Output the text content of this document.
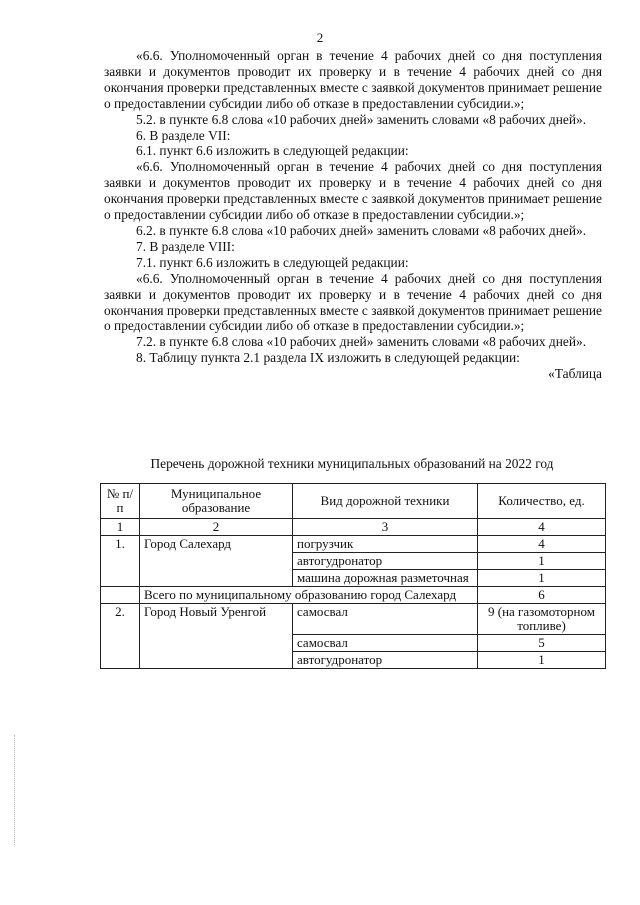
2

«6.6. Уполномоченный орган в течение 4 рабочих дней со дня поступления заявки и документов проводит их проверку и в течение 4 рабочих дней со дня окончания проверки представленных вместе с заявкой документов принимает решение о предоставлении субсидии либо об отказе в предоставлении субсидии.»;

5.2. в пункте 6.8 слова «10 рабочих дней» заменить словами «8 рабочих дней».

6. В разделе VII:

6.1. пункт 6.6 изложить в следующей редакции:

«6.6. Уполномоченный орган в течение 4 рабочих дней со дня поступления заявки и документов проводит их проверку и в течение 4 рабочих дней со дня окончания проверки представленных вместе с заявкой документов принимает решение о предоставлении субсидии либо об отказе в предоставлении субсидии.»;

6.2. в пункте 6.8 слова «10 рабочих дней» заменить словами «8 рабочих дней».

7. В разделе VIII:

7.1. пункт 6.6 изложить в следующей редакции:

«6.6. Уполномоченный орган в течение 4 рабочих дней со дня поступления заявки и документов проводит их проверку и в течение 4 рабочих дней со дня окончания проверки представленных вместе с заявкой документов принимает решение о предоставлении субсидии либо об отказе в предоставлении субсидии.»;

7.2. в пункте 6.8 слова «10 рабочих дней» заменить словами «8 рабочих дней».

8. Таблицу пункта 2.1 раздела IX изложить в следующей редакции:

«Таблица

Перечень дорожной техники муниципальных образований на 2022 год
№ п/п	Муниципальное образование	Вид дорожной техники	Количество, ед.
1	2	3	4
1.	Город Салехард	погрузчик	4
		автогудронатор	1
		машина дорожная разметочная	1
	Всего по муниципальному образованию город Салехард		6
2.	Город Новый Уренгой	самосвал	9 (на газомоторном топливе)
		самосвал	5
		автогудронатор	1
